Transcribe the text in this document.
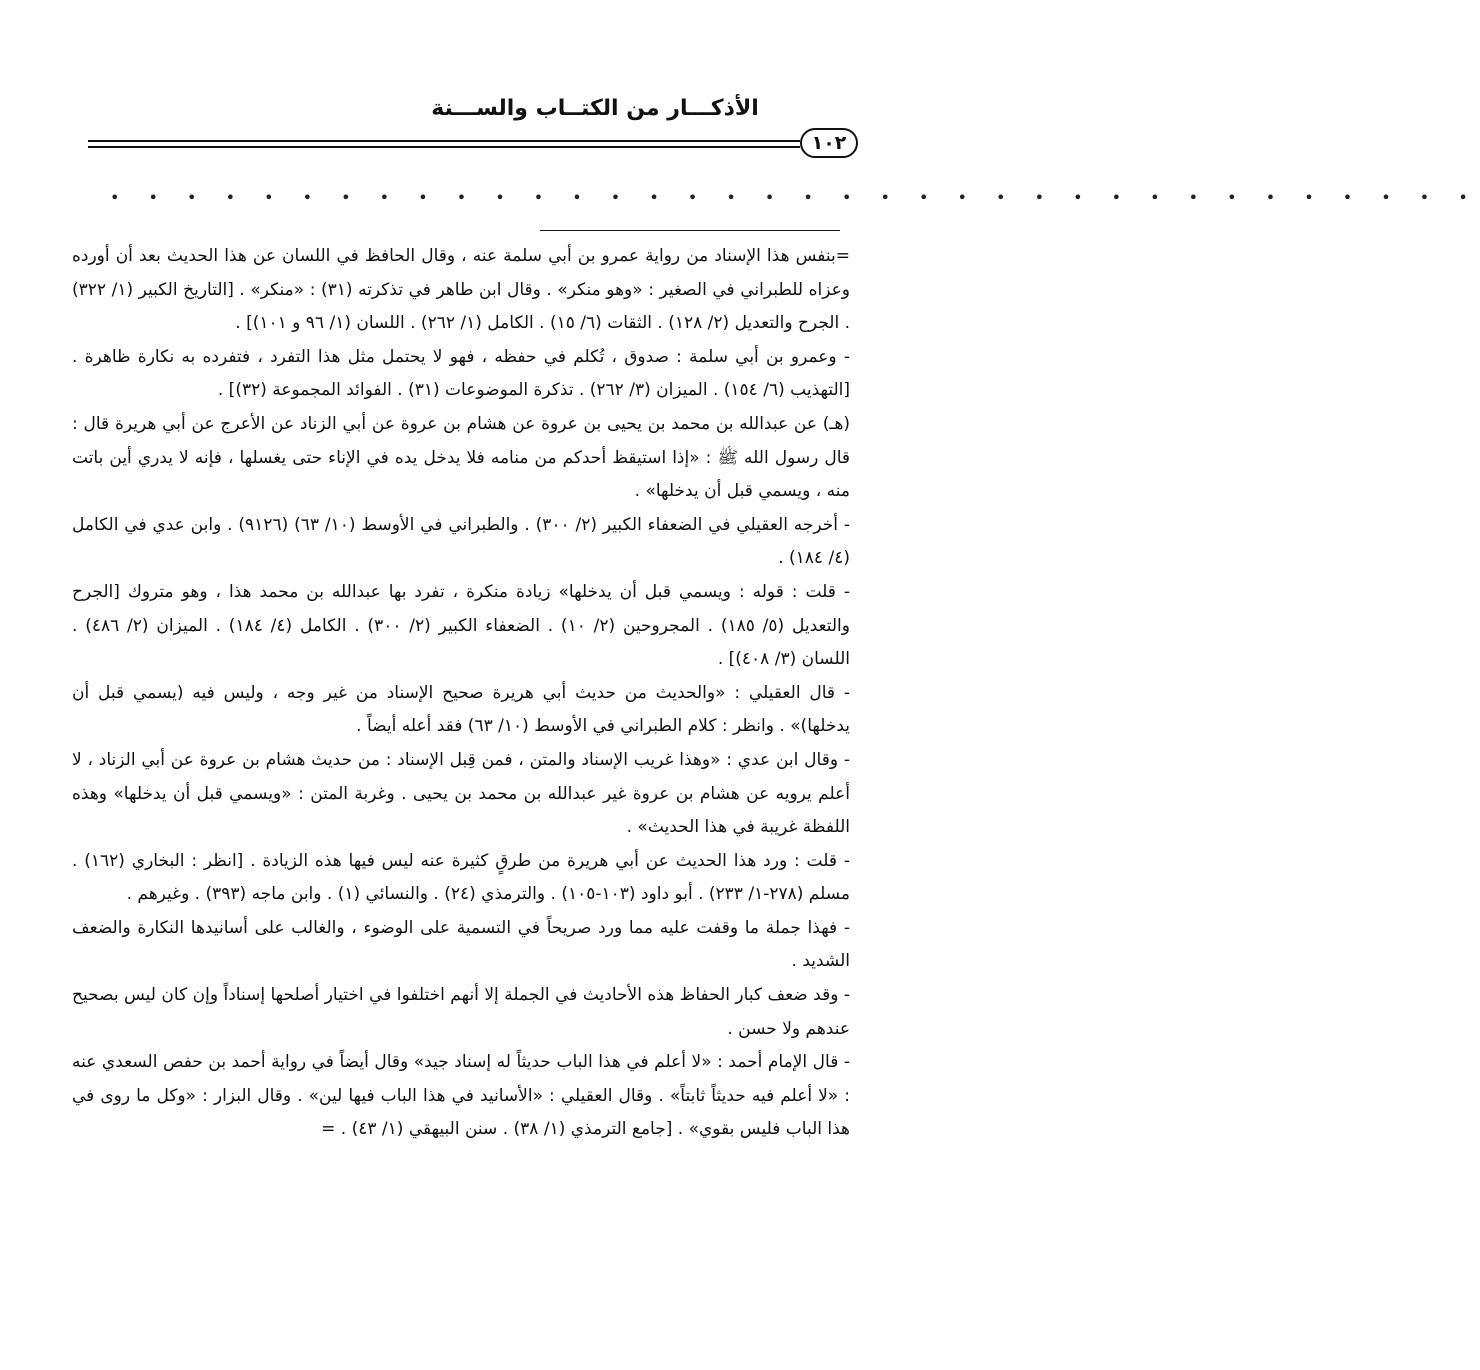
الأذكـــار من الكتــاب والســـنة
١٠٢
• • • • • • • • • • • • • • • • • • • • • • • • • • • • • • • • • • • •

=بنفس هذا الإسناد من رواية عمرو بن أبي سلمة عنه ، وقال الحافظ في اللسان عن هذا الحديث بعد أن أورده وعزاه للطبراني في الصغير : «وهو منكر» . وقال ابن طاهر في تذكرته (٣١) : «منكر» . [التاريخ الكبير (١/ ٣٢٢) . الجرح والتعديل (٢/ ١٢٨) . الثقات (٦/ ١٥) . الكامل (١/ ٢٦٢) . اللسان (١/ ٩٦ و ١٠١)] .

- وعمرو بن أبي سلمة : صدوق ، تُكلم في حفظه ، فهو لا يحتمل مثل هذا التفرد ، فتفرده به نكارة ظاهرة . [التهذيب (٦/ ١٥٤) . الميزان (٣/ ٢٦٢) . تذكرة الموضوعات (٣١) . الفوائد المجموعة (٣٢)] .

(هـ) عن عبدالله بن محمد بن يحيى بن عروة عن هشام بن عروة عن أبي الزناد عن الأعرج عن أبي هريرة قال : قال رسول الله ﷺ : «إذا استيقظ أحدكم من منامه فلا يدخل يده في الإناء حتى يغسلها ، فإنه لا يدري أين باتت منه ، ويسمي قبل أن يدخلها» .

- أخرجه العقيلي في الضعفاء الكبير (٢/ ٣٠٠) . والطبراني في الأوسط (١٠/ ٦٣) (٩١٢٦) . وابن عدي في الكامل (٤/ ١٨٤) .

- قلت : قوله : ويسمي قبل أن يدخلها» زيادة منكرة ، تفرد بها عبدالله بن محمد هذا ، وهو متروك [الجرح والتعديل (٥/ ١٨٥) . المجروحين (٢/ ١٠) . الضعفاء الكبير (٢/ ٣٠٠) . الكامل (٤/ ١٨٤) . الميزان (٢/ ٤٨٦) . اللسان (٣/ ٤٠٨)] .

- قال العقيلي : «والحديث من حديث أبي هريرة صحيح الإسناد من غير وجه ، وليس فيه (يسمي قبل أن يدخلها)» . وانظر : كلام الطبراني في الأوسط (١٠/ ٦٣) فقد أعله أيضاً .

- وقال ابن عدي : «وهذا غريب الإسناد والمتن ، فمن قِبل الإسناد : من حديث هشام بن عروة عن أبي الزناد ، لا أعلم يرويه عن هشام بن عروة غير عبدالله بن محمد بن يحيى . وغربة المتن : «ويسمي قبل أن يدخلها» وهذه اللفظة غريبة في هذا الحديث» .

- قلت : ورد هذا الحديث عن أبي هريرة من طرقٍ كثيرة عنه ليس فيها هذه الزيادة . [انظر : البخاري (١٦٢) . مسلم (٢٧٨-١/ ٢٣٣) . أبو داود (١٠٣-١٠٥) . والترمذي (٢٤) . والنسائي (١) . وابن ماجه (٣٩٣) . وغيرهم .

- فهذا جملة ما وقفت عليه مما ورد صريحاً في التسمية على الوضوء ، والغالب على أسانيدها النكارة والضعف الشديد .

- وقد ضعف كبار الحفاظ هذه الأحاديث في الجملة إلا أنهم اختلفوا في اختيار أصلحها إسناداً وإن كان ليس بصحيح عندهم ولا حسن .

- قال الإمام أحمد : «لا أعلم في هذا الباب حديثاً له إسناد جيد» وقال أيضاً في رواية أحمد بن حفص السعدي عنه : «لا أعلم فيه حديثاً ثابتاً» . وقال العقيلي : «الأسانيد في هذا الباب فيها لين» . وقال البزار : «وكل ما روى في هذا الباب فليس بقوي» . [جامع الترمذي (١/ ٣٨) . سنن البيهقي (١/ ٤٣) . =
